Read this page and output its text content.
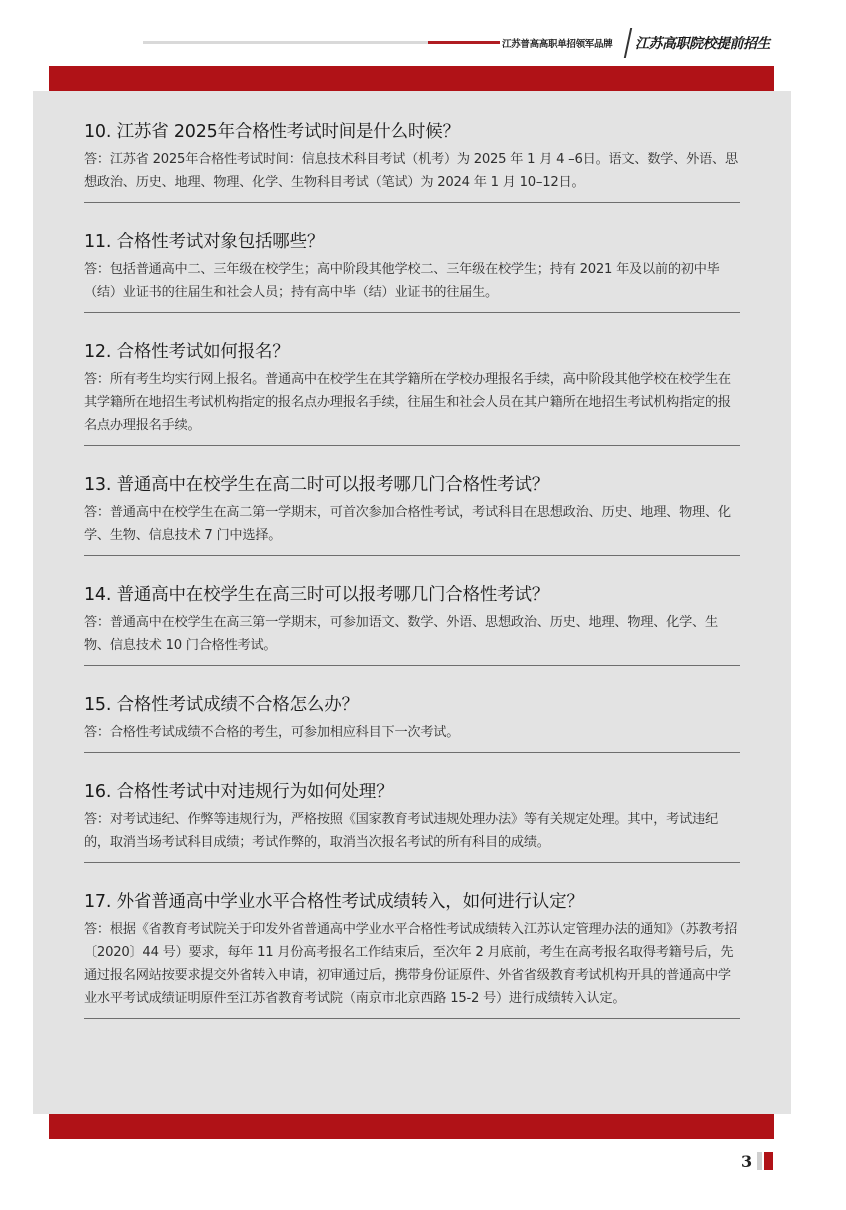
江苏普高高职单招领军品牌 江苏高职院校提前招生
10. 江苏省 2025年合格性考试时间是什么时候？
答：江苏省 2025年合格性考试时间：信息技术科目考试（机考）为 2025 年 1 月 4 –6日。语文、数学、外语、思想政治、历史、地理、物理、化学、生物科目考试（笔试）为 2024 年 1 月 10–12日。
11. 合格性考试对象包括哪些？
答：包括普通高中二、三年级在校学生；高中阶段其他学校二、三年级在校学生；持有 2021 年及以前的初中毕（结）业证书的往届生和社会人员；持有高中毕（结）业证书的往届生。
12. 合格性考试如何报名？
答：所有考生均实行网上报名。普通高中在校学生在其学籍所在学校办理报名手续，高中阶段其他学校在校学生在其学籍所在地招生考试机构指定的报名点办理报名手续，往届生和社会人员在其户籍所在地招生考试机构指定的报名点办理报名手续。
13. 普通高中在校学生在高二时可以报考哪几门合格性考试？
答：普通高中在校学生在高二第一学期末，可首次参加合格性考试，考试科目在思想政治、历史、地理、物理、化学、生物、信息技术 7 门中选择。
14. 普通高中在校学生在高三时可以报考哪几门合格性考试？
答：普通高中在校学生在高三第一学期末，可参加语文、数学、外语、思想政治、历史、地理、物理、化学、生物、信息技术 10 门合格性考试。
15. 合格性考试成绩不合格怎么办？
答：合格性考试成绩不合格的考生，可参加相应科目下一次考试。
16. 合格性考试中对违规行为如何处理？
答：对考试违纪、作弊等违规行为，严格按照《国家教育考试违规处理办法》等有关规定处理。其中，考试违纪的，取消当场考试科目成绩；考试作弊的，取消当次报名考试的所有科目的成绩。
17. 外省普通高中学业水平合格性考试成绩转入，如何进行认定？
答：根据《省教育考试院关于印发外省普通高中学业水平合格性考试成绩转入江苏认定管理办法的通知》（苏教考招〔2020〕44 号）要求，每年 11 月份高考报名工作结束后，至次年 2 月底前，考生在高考报名取得考籍号后，先通过报名网站按要求提交外省转入申请，初审通过后，携带身份证原件、外省省级教育考试机构开具的普通高中学业水平考试成绩证明原件至江苏省教育考试院（南京市北京西路 15-2 号）进行成绩转入认定。
3
